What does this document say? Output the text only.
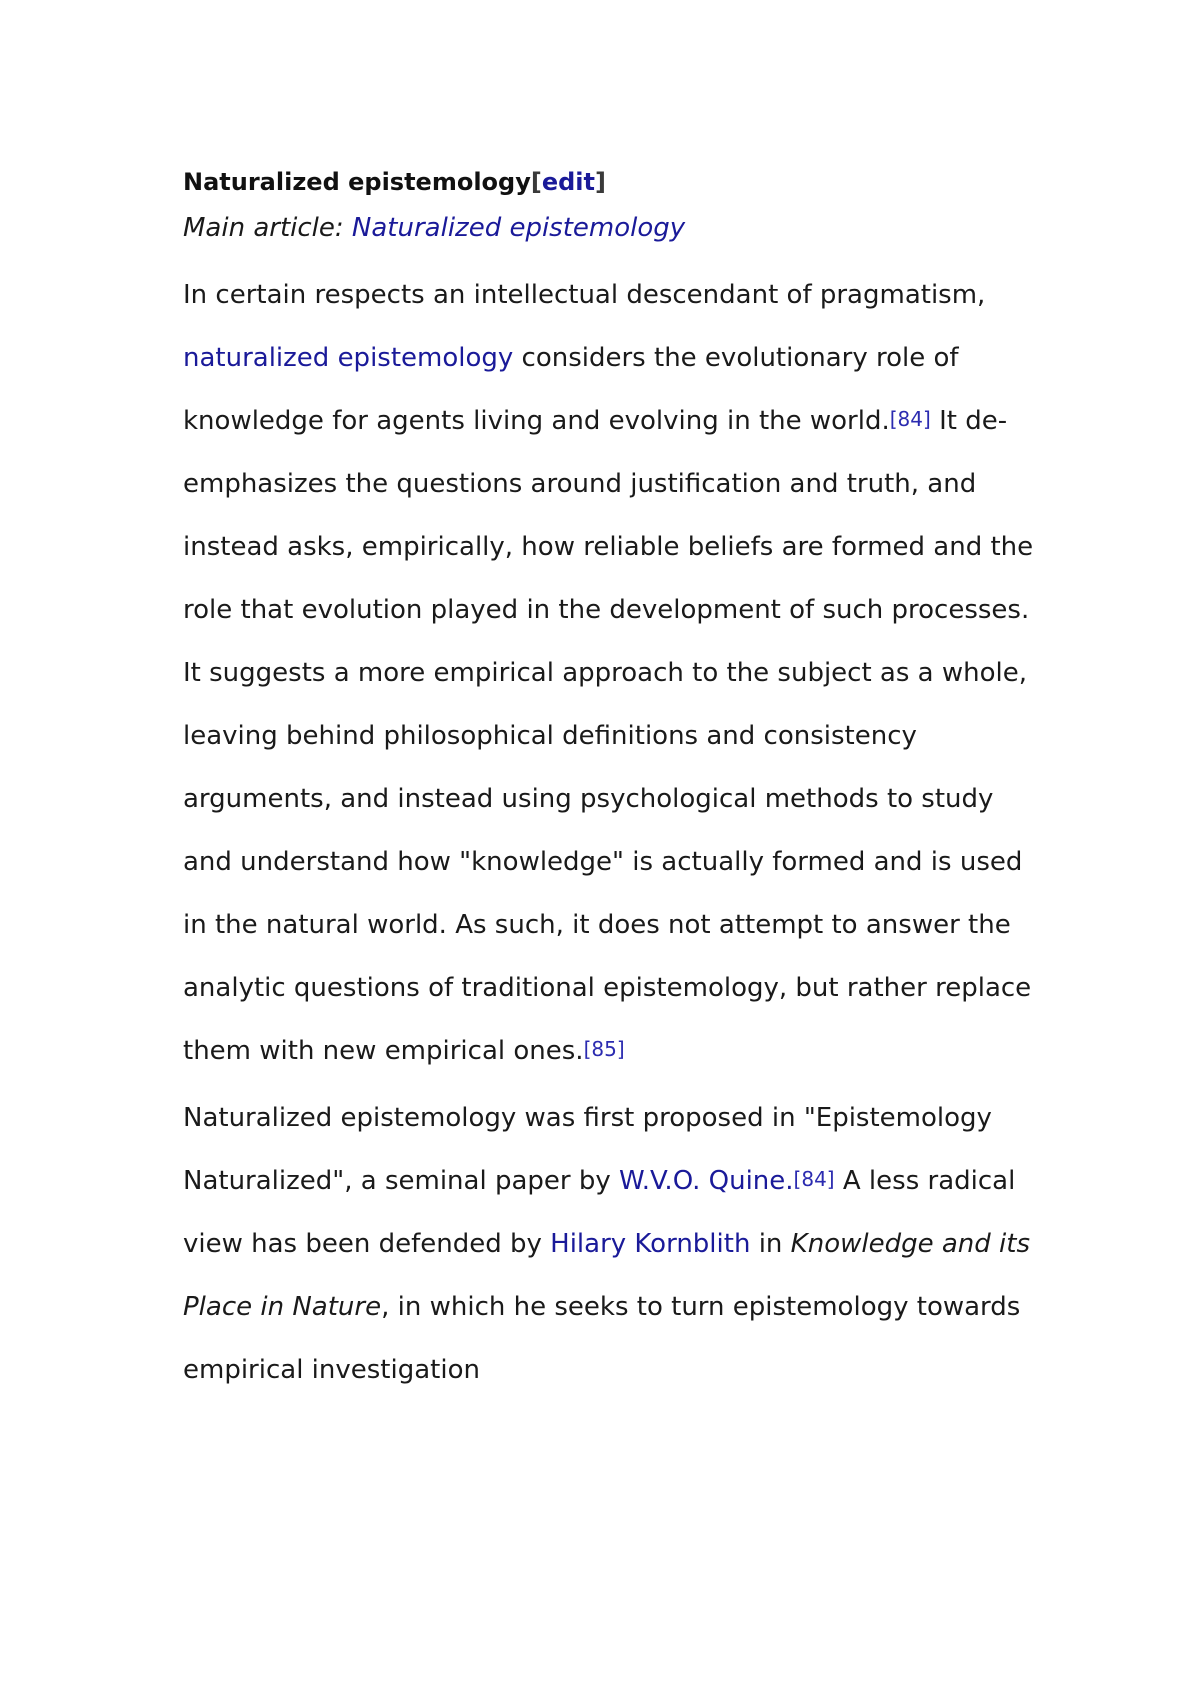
Naturalized epistemology[edit]
Main article: Naturalized epistemology

In certain respects an intellectual descendant of pragmatism, naturalized epistemology considers the evolutionary role of knowledge for agents living and evolving in the world.[84] It de-emphasizes the questions around justification and truth, and instead asks, empirically, how reliable beliefs are formed and the role that evolution played in the development of such processes. It suggests a more empirical approach to the subject as a whole, leaving behind philosophical definitions and consistency arguments, and instead using psychological methods to study and understand how "knowledge" is actually formed and is used in the natural world. As such, it does not attempt to answer the analytic questions of traditional epistemology, but rather replace them with new empirical ones.[85]

Naturalized epistemology was first proposed in "Epistemology Naturalized", a seminal paper by W.V.O. Quine.[84] A less radical view has been defended by Hilary Kornblith in Knowledge and its Place in Nature, in which he seeks to turn epistemology towards empirical investigation
